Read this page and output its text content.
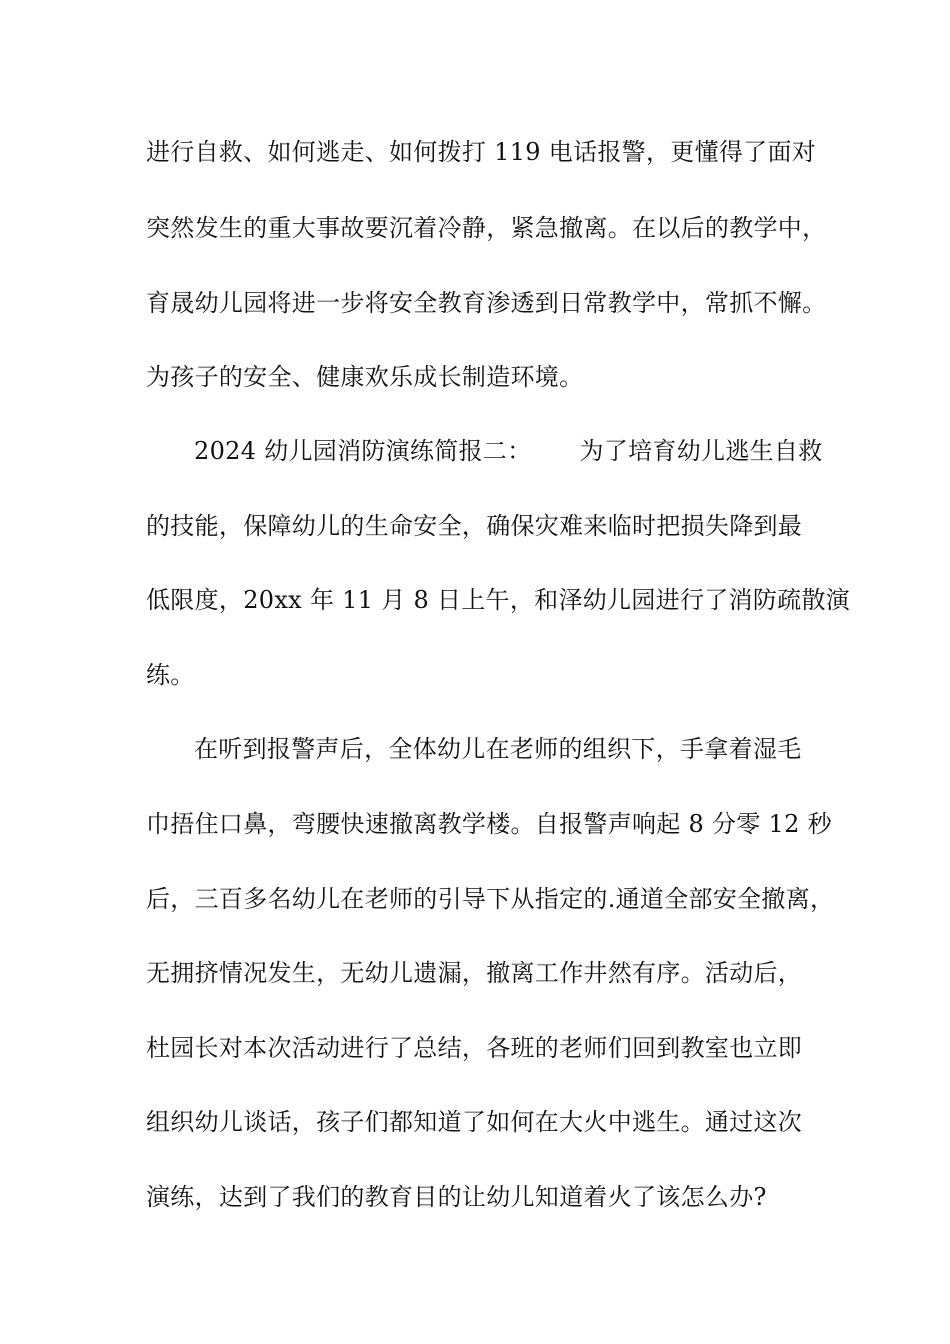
进行自救、如何逃走、如何拨打 119 电话报警，更懂得了面对
突然发生的重大事故要沉着冷静，紧急撤离。在以后的教学中，
育晟幼儿园将进一步将安全教育渗透到日常教学中，常抓不懈。
为孩子的安全、健康欢乐成长制造环境。
2024 幼儿园消防演练简报二： 为了培育幼儿逃生自救
的技能，保障幼儿的生命安全，确保灾难来临时把损失降到最
低限度，20xx 年 11 月 8 日上午，和泽幼儿园进行了消防疏散演
练。
在听到报警声后，全体幼儿在老师的组织下，手拿着湿毛
巾捂住口鼻，弯腰快速撤离教学楼。自报警声响起 8 分零 12 秒
后，三百多名幼儿在老师的引导下从指定的.通道全部安全撤离，
无拥挤情况发生，无幼儿遗漏，撤离工作井然有序。活动后，
杜园长对本次活动进行了总结，各班的老师们回到教室也立即
组织幼儿谈话，孩子们都知道了如何在大火中逃生。通过这次
演练，达到了我们的教育目的让幼儿知道着火了该怎么办?
